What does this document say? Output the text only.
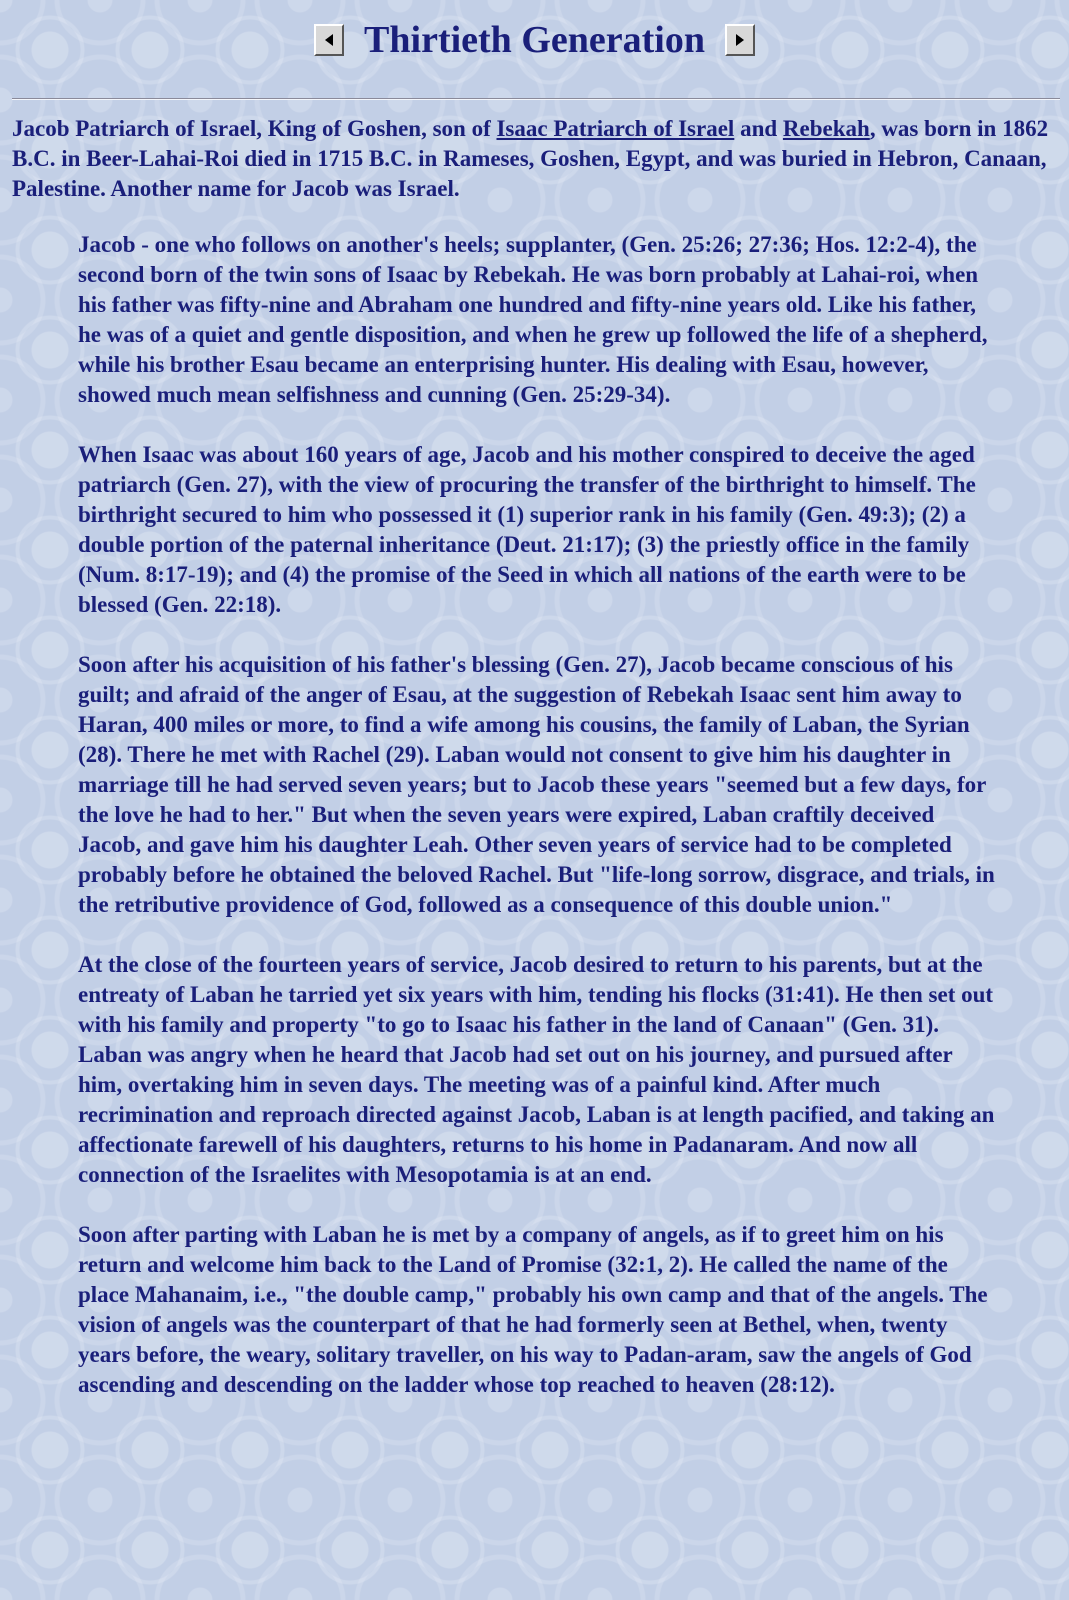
Thirtieth Generation

Jacob Patriarch of Israel, King of Goshen, son of Isaac Patriarch of Israel and Rebekah, was born in 1862 B.C. in Beer-Lahai-Roi died in 1715 B.C. in Rameses, Goshen, Egypt, and was buried in Hebron, Canaan, Palestine. Another name for Jacob was Israel.

Jacob - one who follows on another's heels; supplanter, (Gen. 25:26; 27:36; Hos. 12:2-4), the second born of the twin sons of Isaac by Rebekah. He was born probably at Lahai-roi, when his father was fifty-nine and Abraham one hundred and fifty-nine years old. Like his father, he was of a quiet and gentle disposition, and when he grew up followed the life of a shepherd, while his brother Esau became an enterprising hunter. His dealing with Esau, however, showed much mean selfishness and cunning (Gen. 25:29-34).

When Isaac was about 160 years of age, Jacob and his mother conspired to deceive the aged patriarch (Gen. 27), with the view of procuring the transfer of the birthright to himself. The birthright secured to him who possessed it (1) superior rank in his family (Gen. 49:3); (2) a double portion of the paternal inheritance (Deut. 21:17); (3) the priestly office in the family (Num. 8:17-19); and (4) the promise of the Seed in which all nations of the earth were to be blessed (Gen. 22:18).

Soon after his acquisition of his father's blessing (Gen. 27), Jacob became conscious of his guilt; and afraid of the anger of Esau, at the suggestion of Rebekah Isaac sent him away to Haran, 400 miles or more, to find a wife among his cousins, the family of Laban, the Syrian (28). There he met with Rachel (29). Laban would not consent to give him his daughter in marriage till he had served seven years; but to Jacob these years "seemed but a few days, for the love he had to her." But when the seven years were expired, Laban craftily deceived Jacob, and gave him his daughter Leah. Other seven years of service had to be completed probably before he obtained the beloved Rachel. But "life-long sorrow, disgrace, and trials, in the retributive providence of God, followed as a consequence of this double union."

At the close of the fourteen years of service, Jacob desired to return to his parents, but at the entreaty of Laban he tarried yet six years with him, tending his flocks (31:41). He then set out with his family and property "to go to Isaac his father in the land of Canaan" (Gen. 31). Laban was angry when he heard that Jacob had set out on his journey, and pursued after him, overtaking him in seven days. The meeting was of a painful kind. After much recrimination and reproach directed against Jacob, Laban is at length pacified, and taking an affectionate farewell of his daughters, returns to his home in Padanaram. And now all connection of the Israelites with Mesopotamia is at an end.

Soon after parting with Laban he is met by a company of angels, as if to greet him on his return and welcome him back to the Land of Promise (32:1, 2). He called the name of the place Mahanaim, i.e., "the double camp," probably his own camp and that of the angels. The vision of angels was the counterpart of that he had formerly seen at Bethel, when, twenty years before, the weary, solitary traveller, on his way to Padan-aram, saw the angels of God ascending and descending on the ladder whose top reached to heaven (28:12).
